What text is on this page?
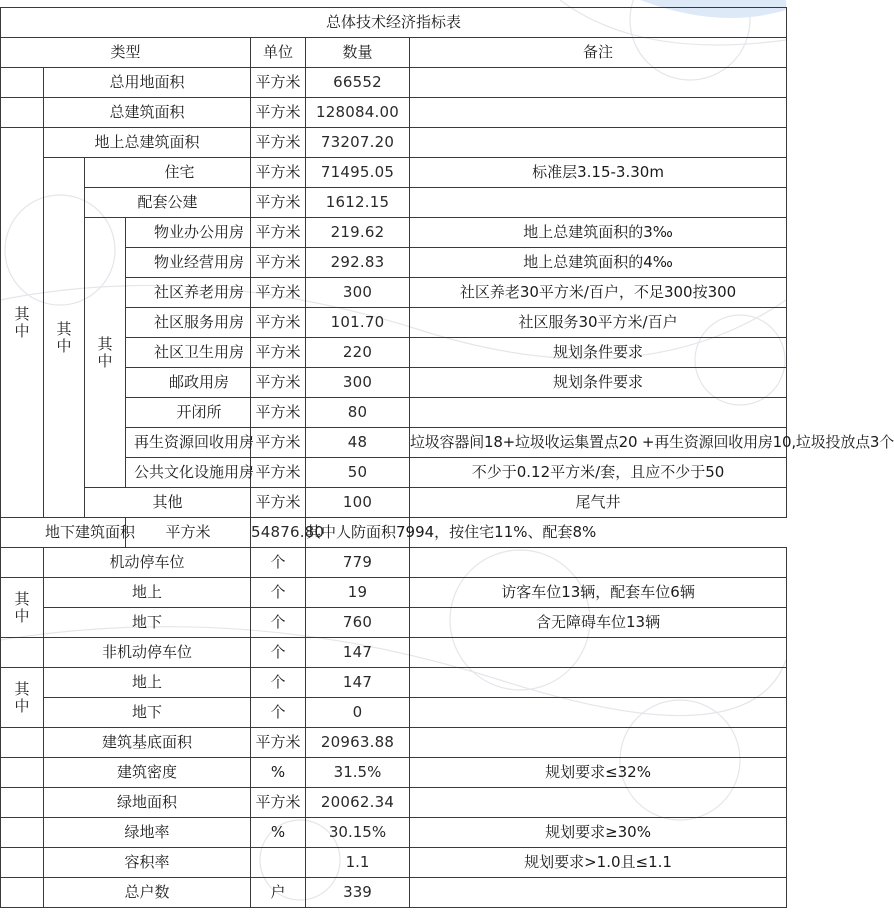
总体技术经济指标表						
类型				单位	数量	备注
	总用地面积			平方米	66552	
	总建筑面积			平方米	128084.00	
其中	地上总建筑面积			平方米	73207.20	
	其中	住宅		平方米	71495.05	标准层3.15-3.30m
		配套公建		平方米	1612.15	
		其中	物业办公用房	平方米	219.62	地上总建筑面积的3‰
			物业经营用房	平方米	292.83	地上总建筑面积的4‰
			社区养老用房	平方米	300	社区养老30平方米/百户，不足300按300
			社区服务用房	平方米	101.70	社区服务30平方米/百户
			社区卫生用房	平方米	220	规划条件要求
			邮政用房	平方米	300	规划条件要求
			开闭所	平方米	80	
			再生资源回收用房	平方米	48	垃圾容器间18+垃圾收运集置点20 +再生资源回收用房10,垃圾投放点3个
			公共文化设施用房	平方米	50	不少于0.12平方米/套，且应不少于50
		其他		平方米	100	尾气井
地下建筑面积			平方米	54876.80	其中人防面积7994，按住宅11%、配套8%	
	机动停车位			个	779	
其中	地上			个	19	访客车位13辆，配套车位6辆
	地下			个	760	含无障碍车位13辆
	非机动停车位			个	147	
其中	地上			个	147	
	地下			个	0	
	建筑基底面积			平方米	20963.88	
	建筑密度			%	31.5%	规划要求≤32%
	绿地面积			平方米	20062.34	
	绿地率			%	30.15%	规划要求≥30%
	容积率				1.1	规划要求>1.0且≤1.1
	总户数			户	339	
